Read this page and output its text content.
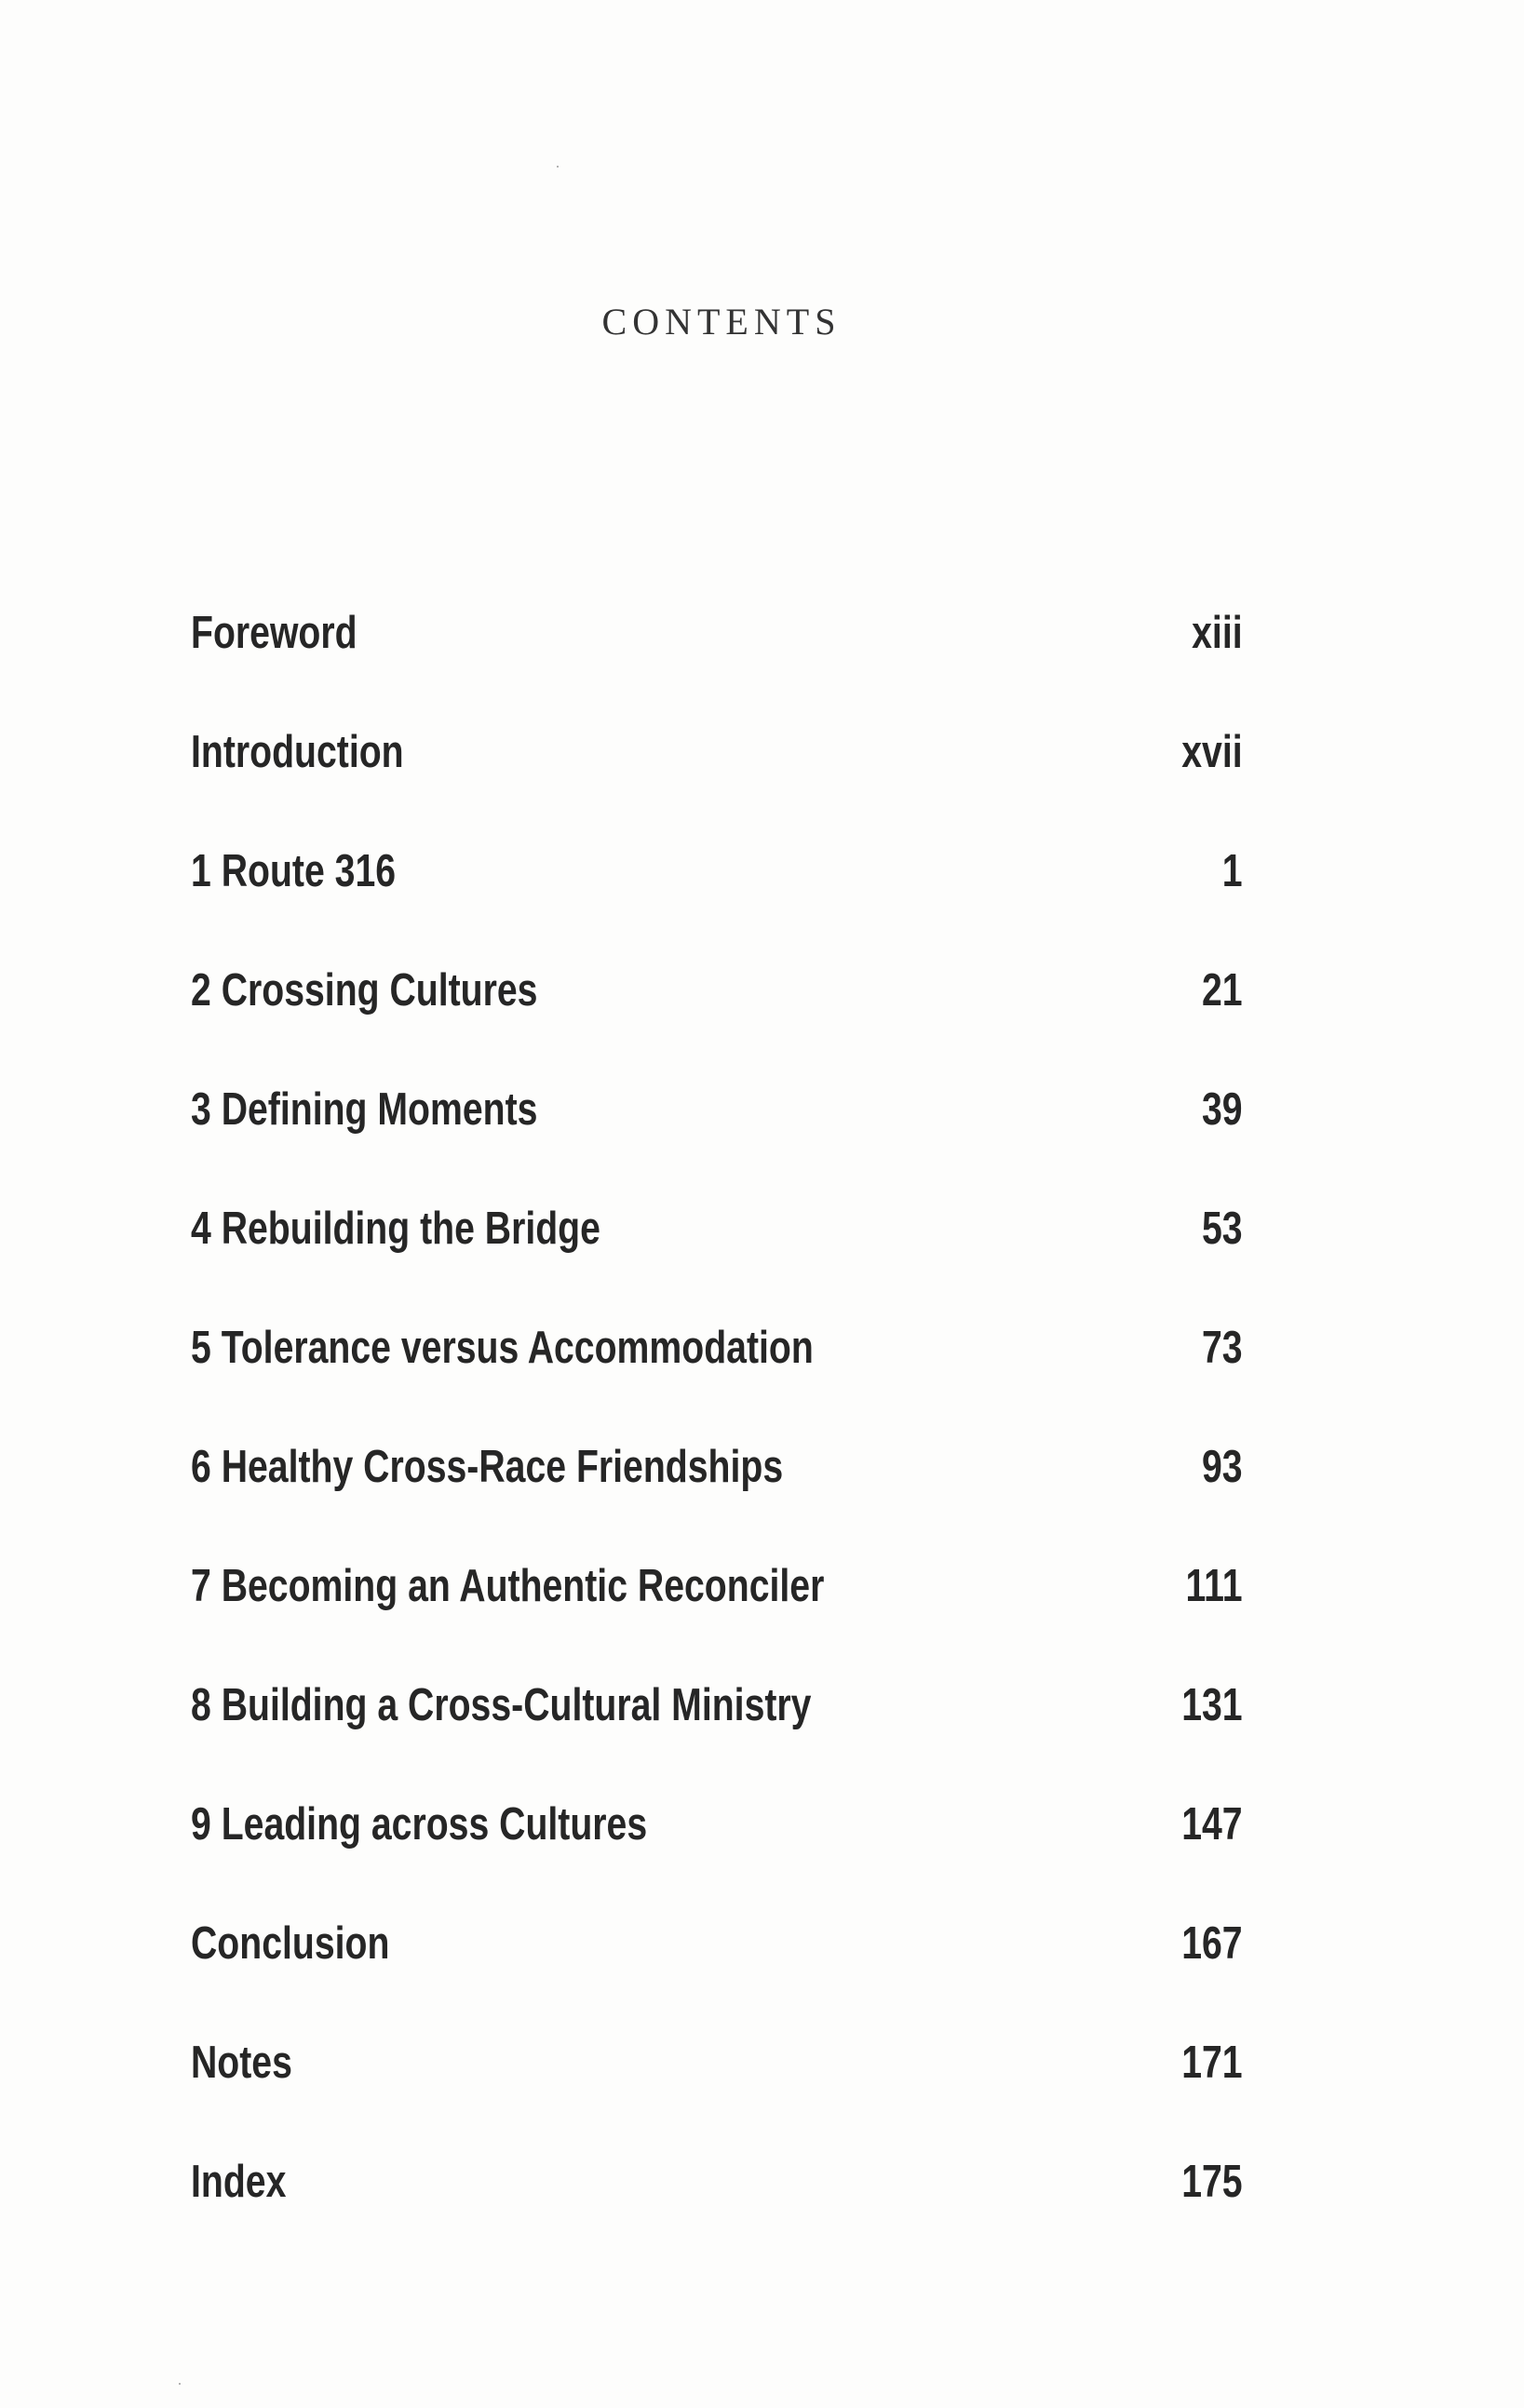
CONTENTS
Foreword	xiii
Introduction	xvii
1 Route 316	1
2 Crossing Cultures	21
3 Defining Moments	39
4 Rebuilding the Bridge	53
5 Tolerance versus Accommodation	73
6 Healthy Cross-Race Friendships	93
7 Becoming an Authentic Reconciler	111
8 Building a Cross-Cultural Ministry	131
9 Leading across Cultures	147
Conclusion	167
Notes	171
Index	175
